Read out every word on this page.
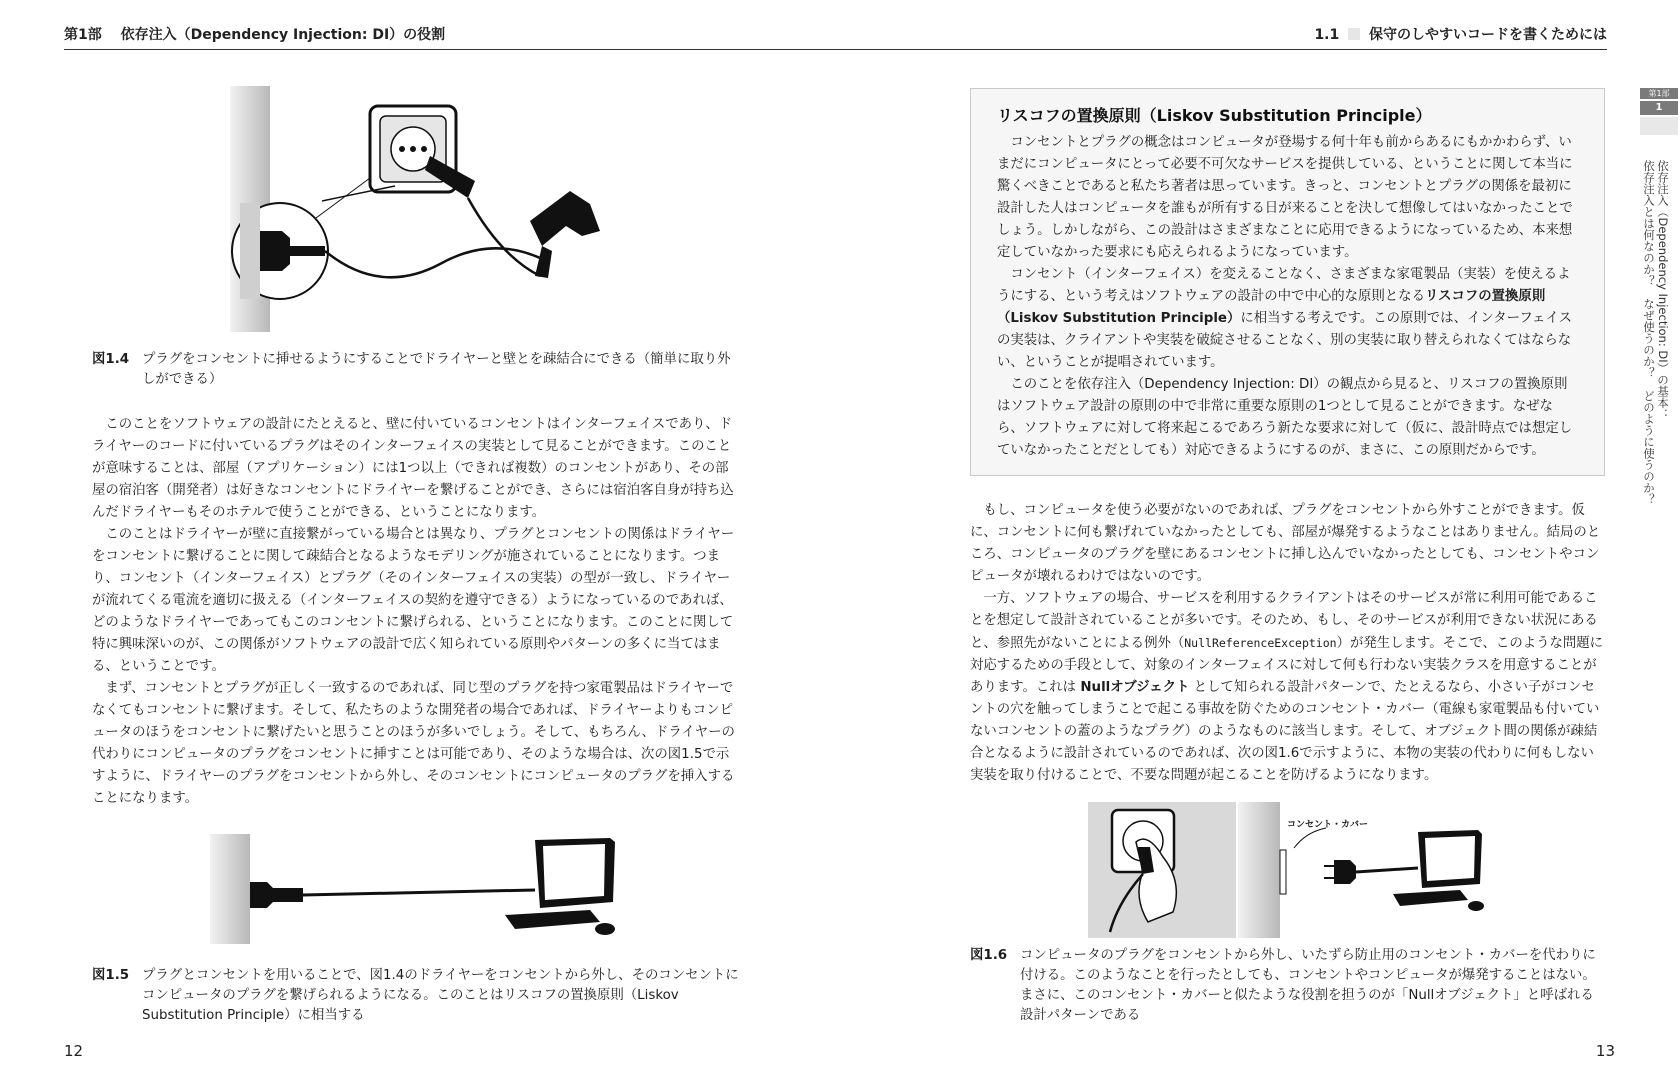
第1部 依存注入（Dependency Injection: DI）の役割	1.1 保守のしやすいコードを書くためには
第1部
1
依存注入（Dependency Injection: DI）の基本：
依存注入とは何なのか？　なぜ使うのか？　どのように使うのか？
図1.4 プラグをコンセントに挿せるようにすることでドライヤーと壁とを疎結合にできる（簡単に取り外しができる）

このことをソフトウェアの設計にたとえると、壁に付いているコンセントはインターフェイスであり、ドライヤーのコードに付いているプラグはそのインターフェイスの実装として見ることができます。このことが意味することは、部屋（アプリケーション）には1つ以上（できれば複数）のコンセントがあり、その部屋の宿泊客（開発者）は好きなコンセントにドライヤーを繋げることができ、さらには宿泊客自身が持ち込んだドライヤーもそのホテルで使うことができる、ということになります。

このことはドライヤーが壁に直接繋がっている場合とは異なり、プラグとコンセントの関係はドライヤーをコンセントに繋げることに関して疎結合となるようなモデリングが施されていることになります。つまり、コンセント（インターフェイス）とプラグ（そのインターフェイスの実装）の型が一致し、ドライヤーが流れてくる電流を適切に扱える（インターフェイスの契約を遵守できる）ようになっているのであれば、どのようなドライヤーであってもこのコンセントに繋げられる、ということになります。このことに関して特に興味深いのが、この関係がソフトウェアの設計で広く知られている原則やパターンの多くに当てはまる、ということです。

まず、コンセントとプラグが正しく一致するのであれば、同じ型のプラグを持つ家電製品はドライヤーでなくてもコンセントに繋げます。そして、私たちのような開発者の場合であれば、ドライヤーよりもコンピュータのほうをコンセントに繋げたいと思うことのほうが多いでしょう。そして、もちろん、ドライヤーの代わりにコンピュータのプラグをコンセントに挿すことは可能であり、そのような場合は、次の図1.5で示すように、ドライヤーのプラグをコンセントから外し、そのコンセントにコンピュータのプラグを挿入することになります。

図1.5 プラグとコンセントを用いることで、図1.4のドライヤーをコンセントから外し、そのコンセントにコンピュータのプラグを繋げられるようになる。このことはリスコフの置換原則（Liskov Substitution Principle）に相当する
リスコフの置換原則（Liskov Substitution Principle）

コンセントとプラグの概念はコンピュータが登場する何十年も前からあるにもかかわらず、いまだにコンピュータにとって必要不可欠なサービスを提供している、ということに関して本当に驚くべきことであると私たち著者は思っています。きっと、コンセントとプラグの関係を最初に設計した人はコンピュータを誰もが所有する日が来ることを決して想像してはいなかったことでしょう。しかしながら、この設計はさまざまなことに応用できるようになっているため、本来想定していなかった要求にも応えられるようになっています。

コンセント（インターフェイス）を変えることなく、さまざまな家電製品（実装）を使えるようにする、という考えはソフトウェアの設計の中で中心的な原則となるリスコフの置換原則（Liskov Substitution Principle）に相当する考えです。この原則では、インターフェイスの実装は、クライアントや実装を破綻させることなく、別の実装に取り替えられなくてはならない、ということが提唱されています。

このことを依存注入（Dependency Injection: DI）の観点から見ると、リスコフの置換原則はソフトウェア設計の原則の中で非常に重要な原則の1つとして見ることができます。なぜなら、ソフトウェアに対して将来起こるであろう新たな要求に対して（仮に、設計時点では想定していなかったことだとしても）対応できるようにするのが、まさに、この原則だからです。

もし、コンピュータを使う必要がないのであれば、プラグをコンセントから外すことができます。仮に、コンセントに何も繋げれていなかったとしても、部屋が爆発するようなことはありません。結局のところ、コンピュータのプラグを壁にあるコンセントに挿し込んでいなかったとしても、コンセントやコンピュータが壊れるわけではないのです。

一方、ソフトウェアの場合、サービスを利用するクライアントはそのサービスが常に利用可能であることを想定して設計されていることが多いです。そのため、もし、そのサービスが利用できない状況にあると、参照先がないことによる例外（NullReferenceException）が発生します。そこで、このような問題に対応するための手段として、対象のインターフェイスに対して何も行わない実装クラスを用意することがあります。これは Nullオブジェクト として知られる設計パターンで、たとえるなら、小さい子がコンセントの穴を触ってしまうことで起こる事故を防ぐためのコンセント・カバー（電線も家電製品も付いていないコンセントの蓋のようなプラグ）のようなものに該当します。そして、オブジェクト間の関係が疎結合となるように設計されているのであれば、次の図1.6で示すように、本物の実装の代わりに何もしない実装を取り付けることで、不要な問題が起こることを防げるようになります。

コンセント・カバー
図1.6 コンピュータのプラグをコンセントから外し、いたずら防止用のコンセント・カバーを代わりに付ける。このようなことを行ったとしても、コンセントやコンピュータが爆発することはない。まさに、このコンセント・カバーと似たような役割を担うのが「Nullオブジェクト」と呼ばれる設計パターンである
12	13
